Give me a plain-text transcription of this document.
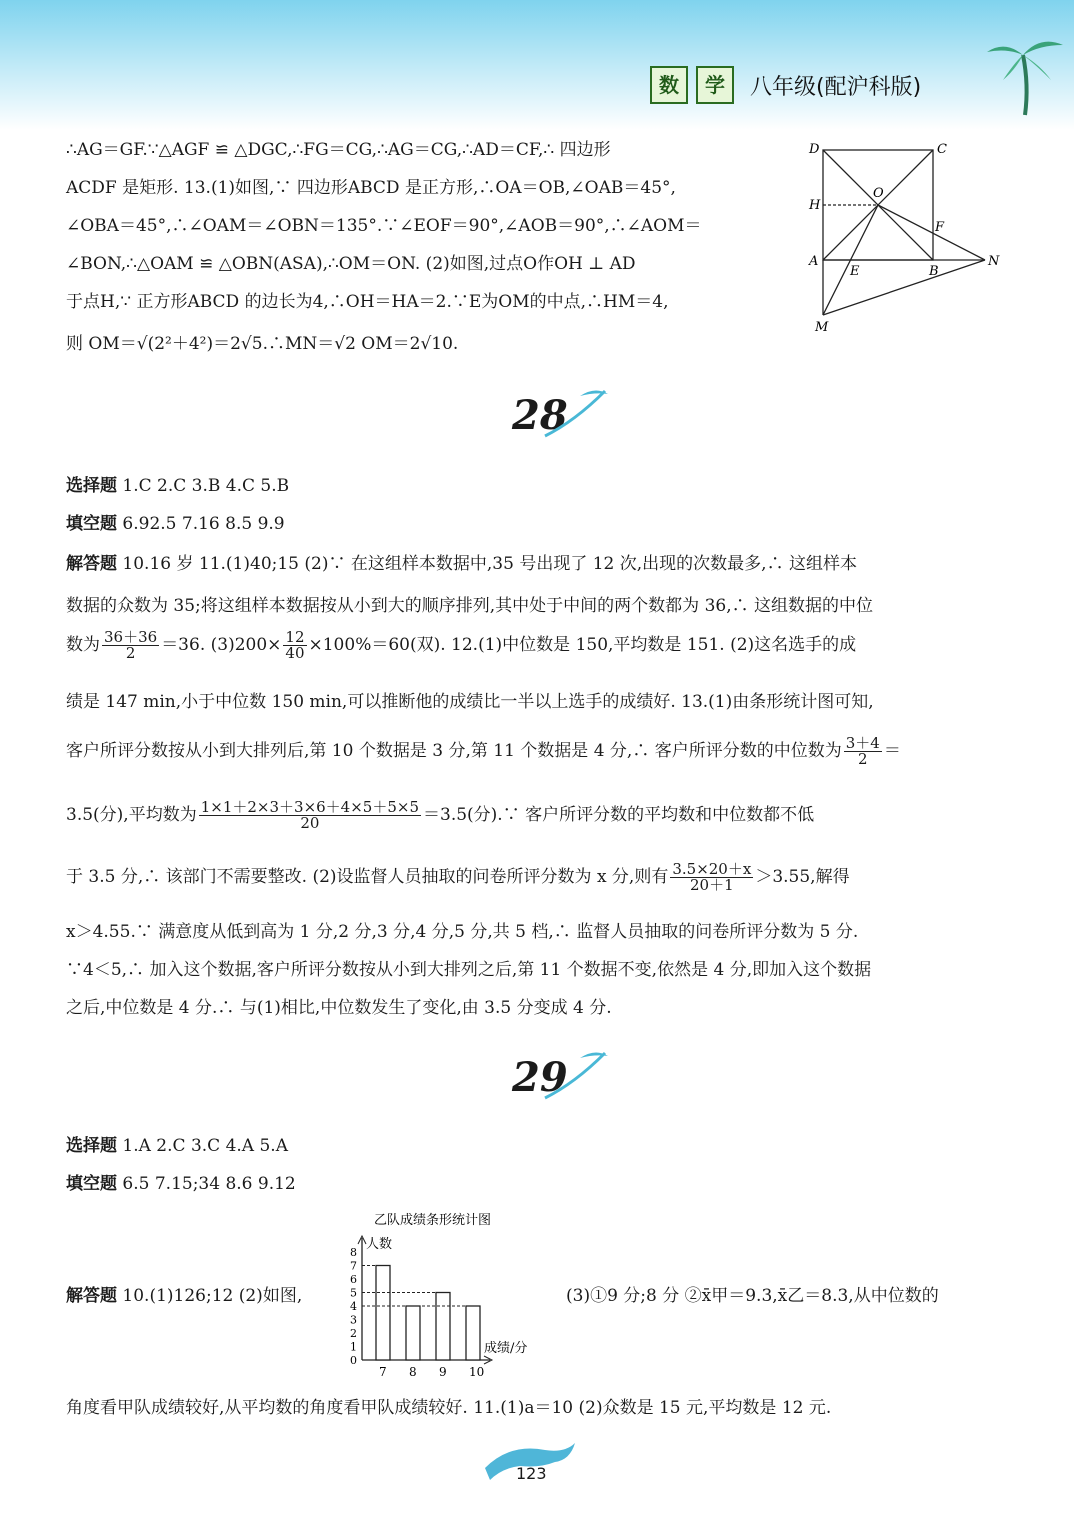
数	学	八年级(配沪科版)
∴AG＝GF.∵△AGF ≌ △DGC,∴FG＝CG,∴AG＝CG,∴AD＝CF,∴ 四边形
ACDF 是矩形. 13.(1)如图,∵ 四边形ABCD 是正方形,∴OA＝OB,∠OAB＝45°,
∠OBA＝45°,∴∠OAM＝∠OBN＝135°.∵∠EOF＝90°,∠AOB＝90°,∴∠AOM＝
∠BON,∴△OAM ≌ △OBN(ASA),∴OM＝ON. (2)如图,过点O作OH ⊥ AD
于点H,∵ 正方形ABCD 的边长为4,∴OH＝HA＝2.∵E为OM的中点,∴HM＝4,
则 OM＝√(2²＋4²)＝2√5.∴MN＝√2 OM＝2√10.
D	C
O
H
F
A
E	B
N
M
28
选择题 1.C 2.C 3.B 4.C 5.B
填空题 6.92.5 7.16 8.5 9.9
解答题 10.16 岁 11.(1)40;15 (2)∵ 在这组样本数据中,35 号出现了 12 次,出现的次数最多,∴ 这组样本
数据的众数为 35;将这组样本数据按从小到大的顺序排列,其中处于中间的两个数都为 36,∴ 这组数据的中位
数为 $\frac{36+36}{2} =36$. $(3)200\times \frac{12}{40} \times 100\%=60$(双). 12.(1)中位数是 150,平均数是 151. (2)这名选手的成
绩是 147 min,小于中位数 150 min,可以推断他的成绩比一半以上选手的成绩好. 13.(1)由条形统计图可知,
客户所评分数按从小到大排列后,第 10 个数据是 3 分,第 11 个数据是 4 分,∴ 客户所评分数的中位数为 $\frac{3+4}{2}$ ＝
3.5(分),平均数为 $\frac{1\times 1+2\times 3+3\times 6+4\times 5+5\times 5}{20} =3.5$(分).∵ 客户所评分数的平均数和中位数都不低
于 3.5 分,∴ 该部门不需要整改. (2)设监督人员抽取的问卷所评分数为 x 分,则有 $\frac{3.5\times 20+x}{20+1} >3.55$,解得
x＞4.55.∵ 满意度从低到高为 1 分,2 分,3 分,4 分,5 分,共 5 档,∴ 监督人员抽取的问卷所评分数为 5 分.
∵4＜5,∴ 加入这个数据,客户所评分数按从小到大排列之后,第 11 个数据不变,依然是 4 分,即加入这个数据
之后,中位数是 4 分.∴ 与(1)相比,中位数发生了变化,由 3.5 分变成 4 分.
29
选择题 1.A 2.C 3.C 4.A 5.A
填空题 6.5 7.15;34 8.6 9.12
解答题 10.(1)126;12 (2)如图,	(3)①9 分;8 分 ②x̄甲＝9.3,x̄乙＝8.3,从中位数的
角度看甲队成绩较好,从平均数的角度看甲队成绩较好. 11.(1)a＝10 (2)众数是 15 元,平均数是 12 元.
乙队成绩条形统计图
人数
成绩/分
0
1
2
3
4
5
6
7
8
7 8 9 10
123
